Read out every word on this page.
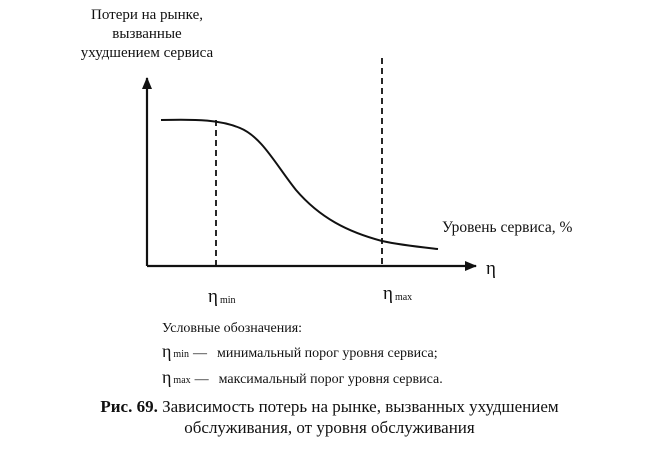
Потери на рынке,
вызванные
ухудшением сервиса
Уровень сервиса, %
η
η $_{min}$	η $_{max}$
Условные обозначения:
η min — минимальный порог уровня сервиса;
η max — максимальный порог уровня сервиса.
Рис. 69. Зависимость потерь на рынке, вызванных ухудшением
обслуживания, от уровня обслуживания
